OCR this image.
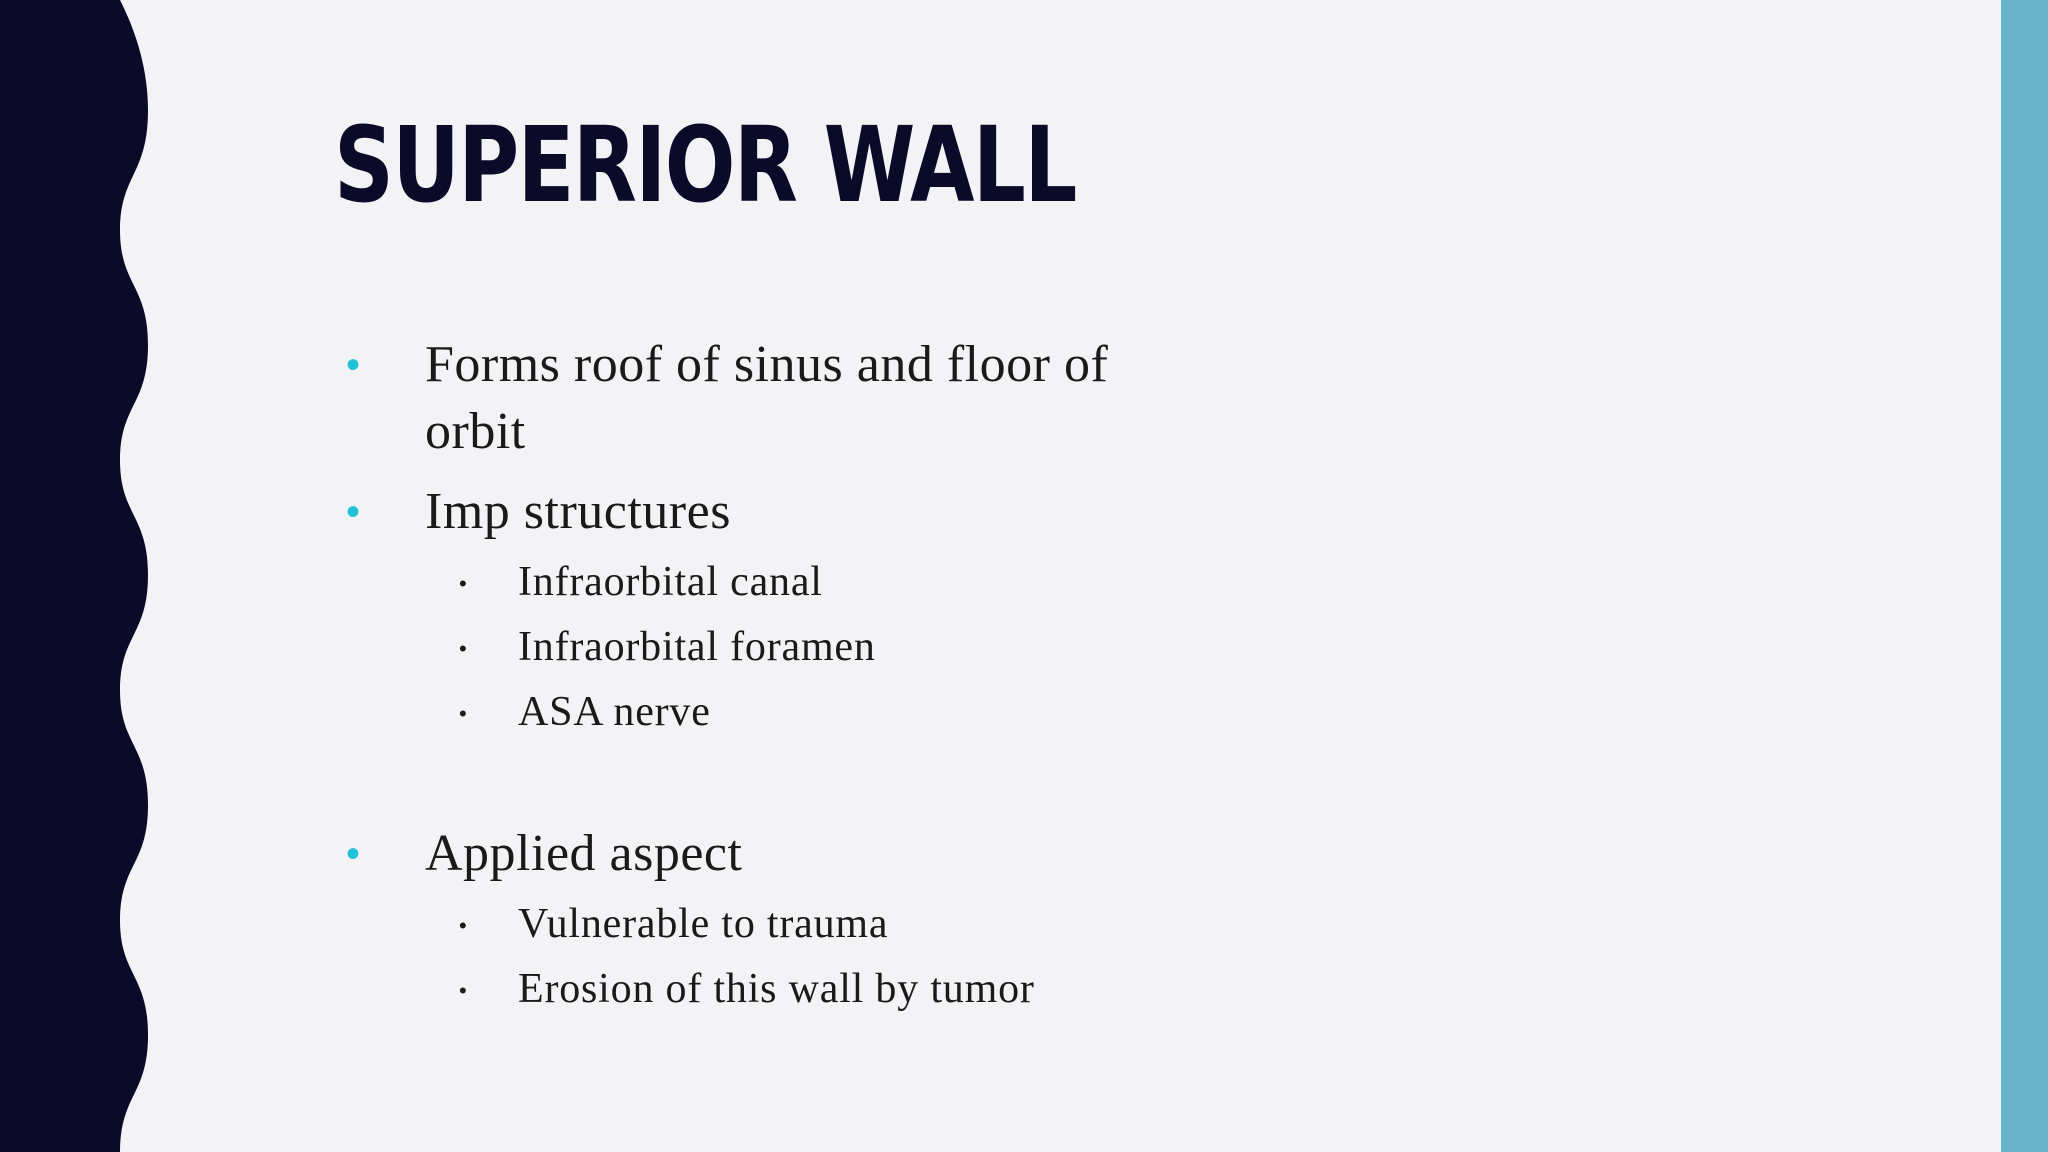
SUPERIOR WALL
• Forms roof of sinus and floor of
orbit
• Imp structures
• Infraorbital canal
• Infraorbital foramen
• ASA nerve
• Applied aspect
• Vulnerable to trauma
• Erosion of this wall by tumor
